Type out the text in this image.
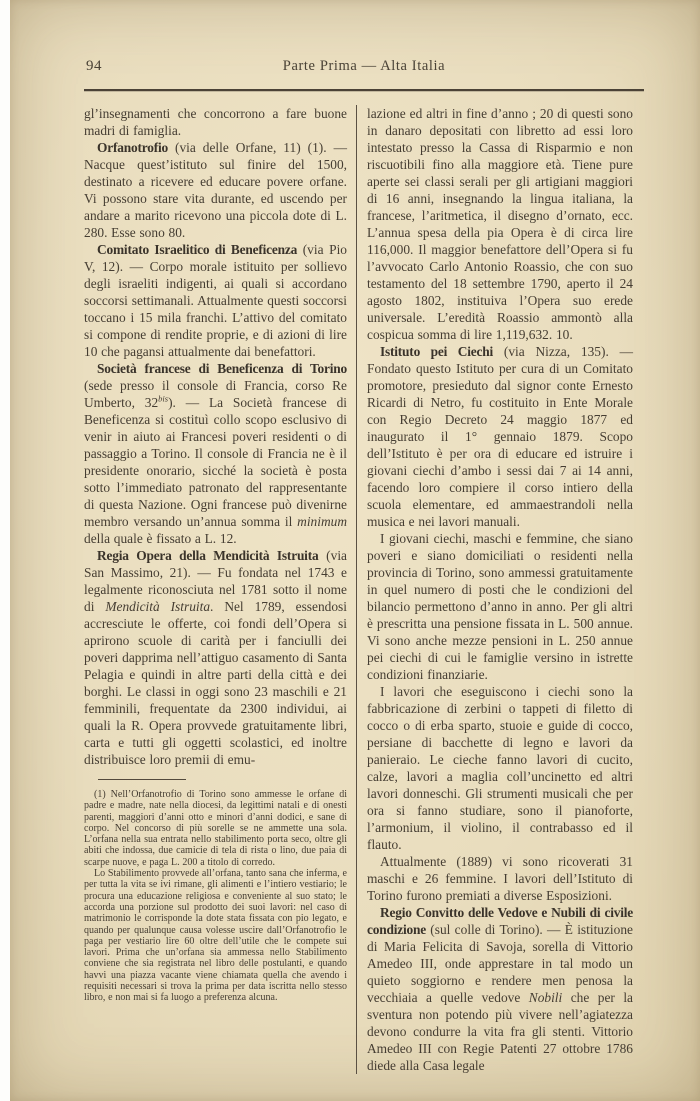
94	Parte Prima — Alta Italia

gl’insegnamenti che concorrono a fare buone madri di famiglia.

Orfanotrofio (via delle Orfane, 11) (1). — Nacque quest’istituto sul finire del 1500, destinato a ricevere ed educare povere orfane. Vi possono stare vita durante, ed uscendo per andare a marito ricevono una piccola dote di L. 280. Esse sono 80.

Comitato Israelitico di Beneficenza (via Pio V, 12). — Corpo morale istituito per sollievo degli israeliti indigenti, ai quali si accordano soccorsi settimanali. Attualmente questi soccorsi toccano i 15 mila franchi. L’attivo del comitato si compone di rendite proprie, e di azioni di lire 10 che pagansi attualmente dai benefattori.

Società francese di Beneficenza di Torino (sede presso il console di Francia, corso Re Umberto, $32^{bis}$). — La Società francese di Beneficenza si costituì collo scopo esclusivo di venir in aiuto ai Francesi poveri residenti o di passaggio a Torino. Il console di Francia ne è il presidente onorario, sicché la società è posta sotto l’immediato patronato del rappresentante di questa Nazione. Ogni francese può divenirne membro versando un’annua somma il minimum della quale è fissato a L. 12.

Regia Opera della Mendicità Istruita (via San Massimo, 21). — Fu fondata nel 1743 e legalmente riconosciuta nel 1781 sotto il nome di Mendicità Istruita. Nel 1789, essendosi accresciute le offerte, coi fondi dell’Opera si aprirono scuole di carità per i fanciulli dei poveri dapprima nell’attiguo casamento di Santa Pelagia e quindi in altre parti della città e dei borghi. Le classi in oggi sono 23 maschili e 21 femminili, frequentate da 2300 individui, ai quali la R. Opera provvede gratuitamente libri, carta e tutti gli oggetti scolastici, ed inoltre distribuisce loro premii di emu-

(1) Nell’Orfanotrofio di Torino sono ammesse le orfane di padre e madre, nate nella diocesi, da legittimi natali e di onesti parenti, maggiori d’anni otto e minori d’anni dodici, e sane di corpo. Nel concorso di più sorelle se ne ammette una sola. L’orfana nella sua entrata nello stabilimento porta seco, oltre gli abiti che indossa, due camicie di tela di rista o lino, due paia di scarpe nuove, e paga L. 200 a titolo di corredo.

Lo Stabilimento provvede all’orfana, tanto sana che inferma, e per tutta la vita se ivi rimane, gli alimenti e l’intiero vestiario; le procura una educazione religiosa e conveniente al suo stato; le accorda una porzione sul prodotto dei suoi lavori: nel caso di matrimonio le corrisponde la dote stata fissata con pio legato, e quando per qualunque causa volesse uscire dall’Orfanotrofio le paga per vestiario lire 60 oltre dell’utile che le compete sui lavori. Prima che un’orfana sia ammessa nello Stabilimento conviene che sia registrata nel libro delle postulanti, e quando havvi una piazza vacante viene chiamata quella che avendo i requisiti necessari si trova la prima per data iscritta nello stesso libro, e non mai si fa luogo a preferenza alcuna.

lazione ed altri in fine d’anno ; 20 di questi sono in danaro depositati con libretto ad essi loro intestato presso la Cassa di Risparmio e non riscuotibili fino alla maggiore età. Tiene pure aperte sei classi serali per gli artigiani maggiori di 16 anni, insegnando la lingua italiana, la francese, l’aritmetica, il disegno d’ornato, ecc. L’annua spesa della pia Opera è di circa lire 116,000. Il maggior benefattore dell’Opera si fu l’avvocato Carlo Antonio Roassio, che con suo testamento del 18 settembre 1790, aperto il 24 agosto 1802, instituiva l’Opera suo erede universale. L’eredità Roassio ammontò alla cospicua somma di lire 1,119,632. 10.

Istituto pei Ciechi (via Nizza, 135). — Fondato questo Istituto per cura di un Comitato promotore, presieduto dal signor conte Ernesto Ricardi di Netro, fu costituito in Ente Morale con Regio Decreto 24 maggio 1877 ed inaugurato il 1° gennaio 1879. Scopo dell’Istituto è per ora di educare ed istruire i giovani ciechi d’ambo i sessi dai 7 ai 14 anni, facendo loro compiere il corso intiero della scuola elementare, ed ammaestrandoli nella musica e nei lavori manuali.

I giovani ciechi, maschi e femmine, che siano poveri e siano domiciliati o residenti nella provincia di Torino, sono ammessi gratuitamente in quel numero di posti che le condizioni del bilancio permettono d’anno in anno. Per gli altri è prescritta una pensione fissata in L. 500 annue. Vi sono anche mezze pensioni in L. 250 annue pei ciechi di cui le famiglie versino in istrette condizioni finanziarie.

I lavori che eseguiscono i ciechi sono la fabbricazione di zerbini o tappeti di filetto di cocco o di erba sparto, stuoie e guide di cocco, persiane di bacchette di legno e lavori da panieraio. Le cieche fanno lavori di cucito, calze, lavori a maglia coll’uncinetto ed altri lavori donneschi. Gli strumenti musicali che per ora si fanno studiare, sono il pianoforte, l’armonium, il violino, il contrabasso ed il flauto.

Attualmente (1889) vi sono ricoverati 31 maschi e 26 femmine. I lavori dell’Istituto di Torino furono premiati a diverse Esposizioni.

Regio Convitto delle Vedove e Nubili di civile condizione (sul colle di Torino). — È istituzione di Maria Felicita di Savoja, sorella di Vittorio Amedeo III, onde apprestare in tal modo un quieto soggiorno e rendere men penosa la vecchiaia a quelle vedove Nobili che per la sventura non potendo più vivere nell’agiatezza devono condurre la vita fra gli stenti. Vittorio Amedeo III con Regie Patenti 27 ottobre 1786 diede alla Casa legale
